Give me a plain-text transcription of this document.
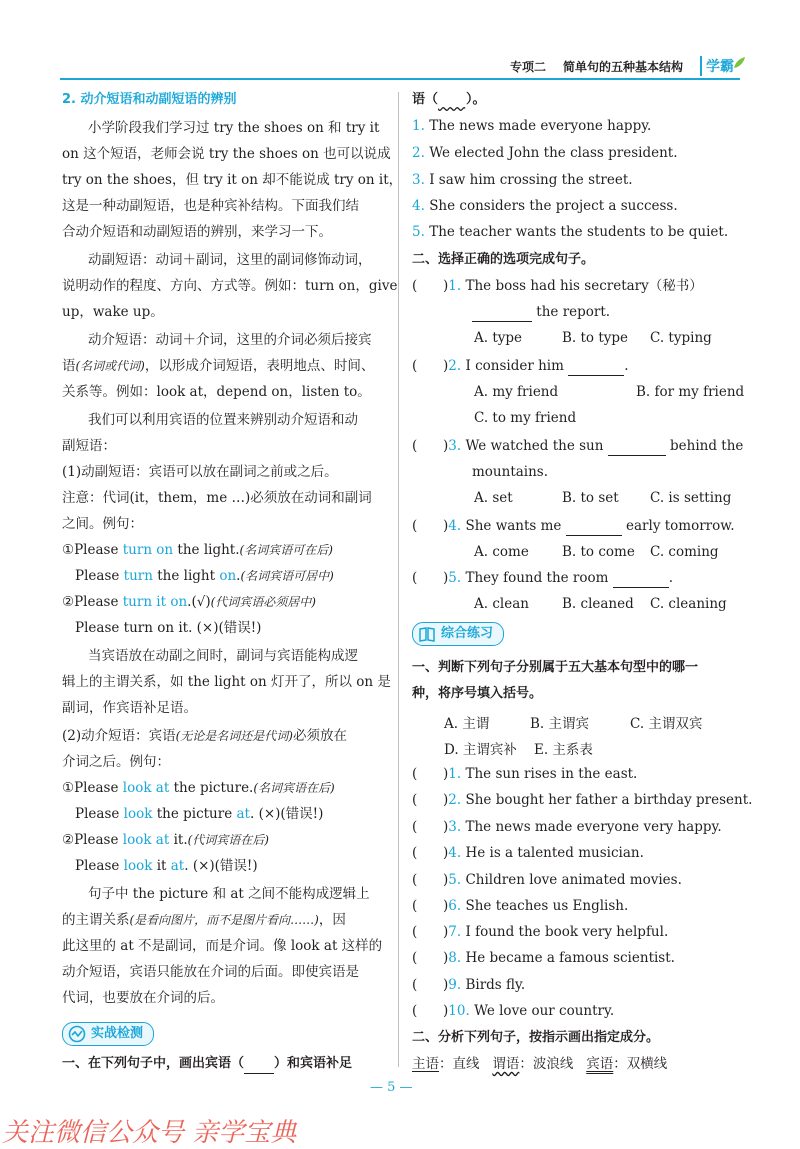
专项二 简单句的五种基本结构	学霸
2. 动介短语和动副短语的辨别
小学阶段我们学习过 try the shoes on 和 try it
on 这个短语，老师会说 try the shoes on 也可以说成
try on the shoes，但 try it on 却不能说成 try on it，
这是一种动副短语，也是种宾补结构。下面我们结
合动介短语和动副短语的辨别，来学习一下。
动副短语：动词＋副词，这里的副词修饰动词，
说明动作的程度、方向、方式等。例如：turn on，give
up，wake up。
动介短语：动词＋介词，这里的介词必须后接宾
语(名词或代词)，以形成介词短语，表明地点、时间、
关系等。例如：look at，depend on，listen to。
我们可以利用宾语的位置来辨别动介短语和动
副短语：
(1)动副短语：宾语可以放在副词之前或之后。
注意：代词(it，them，me …)必须放在动词和副词
之间。例句：
①Please turn on the light.(名词宾语可在后)
Please turn the light on.(名词宾语可居中)
②Please turn it on.(√)(代词宾语必须居中)
Please turn on it. (×)(错误!)
当宾语放在动副之间时，副词与宾语能构成逻
辑上的主谓关系，如 the light on 灯开了，所以 on 是
副词，作宾语补足语。
(2)动介短语：宾语(无论是名词还是代词)必须放在
介词之后。例句：
①Please look at the picture.(名词宾语在后)
Please look the picture at. (×)(错误!)
②Please look at it.(代词宾语在后)
Please look it at. (×)(错误!)
句子中 the picture 和 at 之间不能构成逻辑上
的主谓关系(是看向图片，而不是图片看向……)，因
此这里的 at 不是副词，而是介词。像 look at 这样的
动介短语，宾语只能放在介词的后面。即使宾语是
代词，也要放在介词的后。
实战检测
一、在下列句子中，画出宾语（ ）和宾语补足
语（ ）。
1. The news made everyone happy.
2. We elected John the class president.
3. I saw him crossing the street.
4. She considers the project a success.
5. The teacher wants the students to be quiet.
二、选择正确的选项完成句子。
(      )1. The boss had his secretary（秘书）
the report.
A. type	B. to type C. typing
(      )2. I consider him	.
A. my friend	B. for my friend
C. to my friend
(      )3. We watched the sun	behind the
mountains.
A. set	B. to set C. is setting
(      )4. She wants me	early tomorrow.
A. come B. to come C. coming
(      )5. They found the room	.
A. clean B. cleaned C. cleaning
综合练习
一、判断下列句子分别属于五大基本句型中的哪一
种，将序号填入括号。
A. 主谓	B. 主谓宾	C. 主谓双宾
D. 主谓宾补 E. 主系表
(      )1. The sun rises in the east.
(      )2. She bought her father a birthday present.
(      )3. The news made everyone very happy.
(      )4. He is a talented musician.
(      )5. Children love animated movies.
(      )6. She teaches us English.
(      )7. I found the book very helpful.
(      )8. He became a famous scientist.
(      )9. Birds fly.
(      )10. We love our country.
二、分析下列句子，按指示画出指定成分。
主语：直线 谓语：波浪线 宾语：双横线
— 5 —
关注微信公众号 亲学宝典
